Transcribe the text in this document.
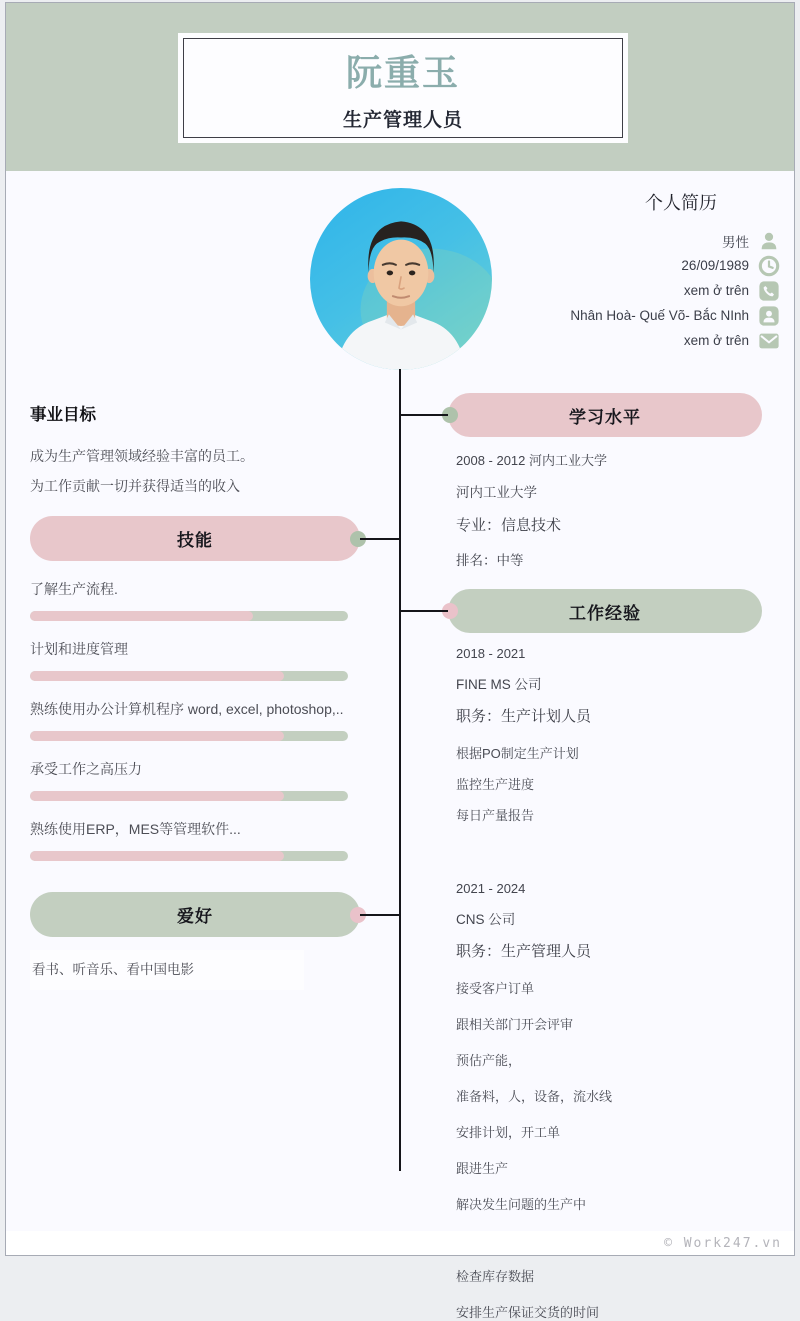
阮重玉
生产管理人员
个人简历
男性
26/09/1989
xem ở trên
Nhân Hoà- Quế Võ- Bắc NInh
xem ở trên
事业目标
成为生产管理领域经验丰富的员工。
为工作贡献一切并获得适当的收入
技能
了解生产流程.
计划和进度管理
熟练使用办公计算机程序 word, excel, photoshop,..
承受工作之高压力
熟练使用ERP，MES等管理软件...
爱好
看书、听音乐、看中国电影
学习水平
2008 - 2012 河内工业大学
河内工业大学
专业：信息技术
排名：中等
工作经验
2018 - 2021
FINE MS 公司
职务：生产计划人员
根据PO制定生产计划
监控生产进度
每日产量报告
2021 - 2024
CNS 公司
职务：生产管理人员
接受客户订单
跟相关部门开会评审
预估产能，
准备料，人，设备，流水线
安排计划，开工单
跟进生产
解决发生问题的生产中
检查库存数据
安排生产保证交货的时间
© Work247.vn
